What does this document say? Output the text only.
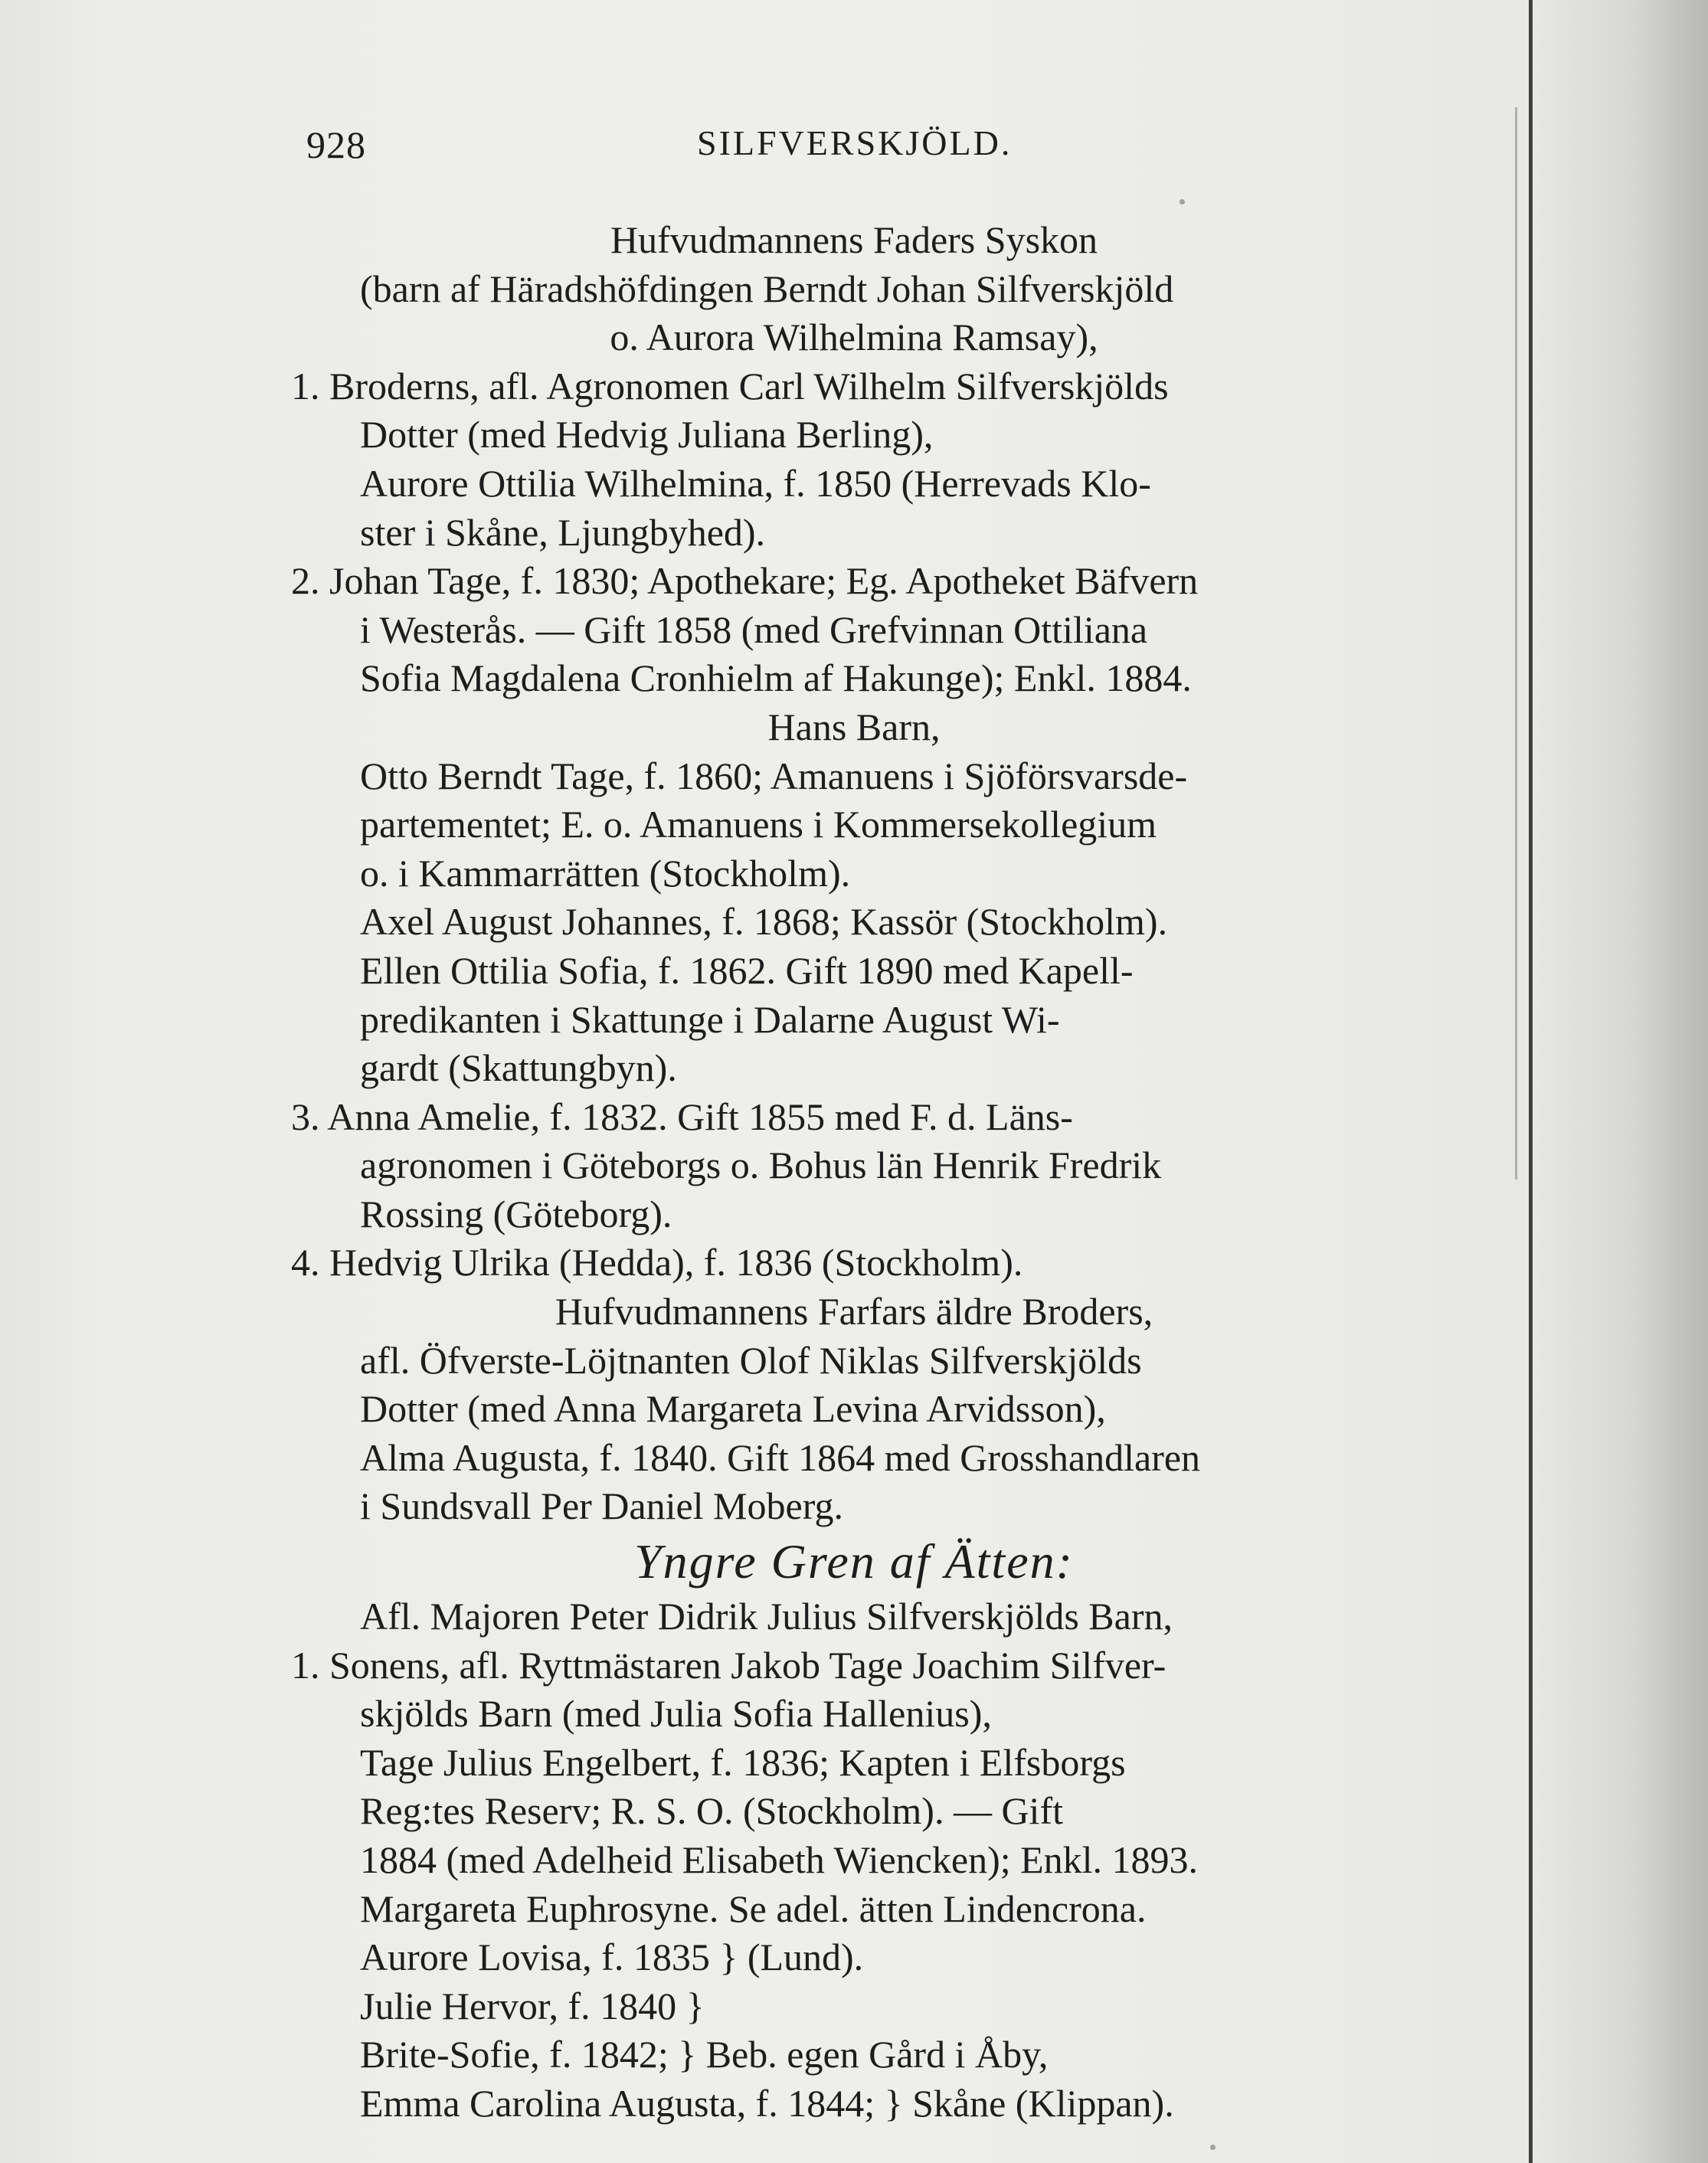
928	SILFVERSKJÖLD.
Hufvudmannens Faders Syskon
(barn af Häradshöfdingen Berndt Johan Silfverskjöld
o. Aurora Wilhelmina Ramsay),
1. Broderns, afl. Agronomen Carl Wilhelm Silfverskjölds
Dotter (med Hedvig Juliana Berling),
Aurore Ottilia Wilhelmina, f. 1850 (Herrevads Klo-
ster i Skåne, Ljungbyhed).
2. Johan Tage, f. 1830; Apothekare; Eg. Apotheket Bäfvern
i Westerås. — Gift 1858 (med Grefvinnan Ottiliana
Sofia Magdalena Cronhielm af Hakunge); Enkl. 1884.
Hans Barn,
Otto Berndt Tage, f. 1860; Amanuens i Sjöförsvarsde-
partementet; E. o. Amanuens i Kommersekollegium
o. i Kammarrätten (Stockholm).
Axel August Johannes, f. 1868; Kassör (Stockholm).
Ellen Ottilia Sofia, f. 1862. Gift 1890 med Kapell-
predikanten i Skattunge i Dalarne August Wi-
gardt (Skattungbyn).
3. Anna Amelie, f. 1832. Gift 1855 med F. d. Läns-
agronomen i Göteborgs o. Bohus län Henrik Fredrik
Rossing (Göteborg).
4. Hedvig Ulrika (Hedda), f. 1836 (Stockholm).
Hufvudmannens Farfars äldre Broders,
afl. Öfverste-Löjtnanten Olof Niklas Silfverskjölds
Dotter (med Anna Margareta Levina Arvidsson),
Alma Augusta, f. 1840. Gift 1864 med Grosshandlaren
i Sundsvall Per Daniel Moberg.
Yngre Gren af Ätten:
Afl. Majoren Peter Didrik Julius Silfverskjölds Barn,
1. Sonens, afl. Ryttmästaren Jakob Tage Joachim Silfver-
skjölds Barn (med Julia Sofia Hallenius),
Tage Julius Engelbert, f. 1836; Kapten i Elfsborgs
Reg:tes Reserv; R. S. O. (Stockholm). — Gift
1884 (med Adelheid Elisabeth Wiencken); Enkl. 1893.
Margareta Euphrosyne. Se adel. ätten Lindencrona.
Aurore Lovisa, f. 1835 } (Lund).
Julie Hervor, f. 1840 }
Brite-Sofie, f. 1842; } Beb. egen Gård i Åby,
Emma Carolina Augusta, f. 1844; } Skåne (Klippan).
